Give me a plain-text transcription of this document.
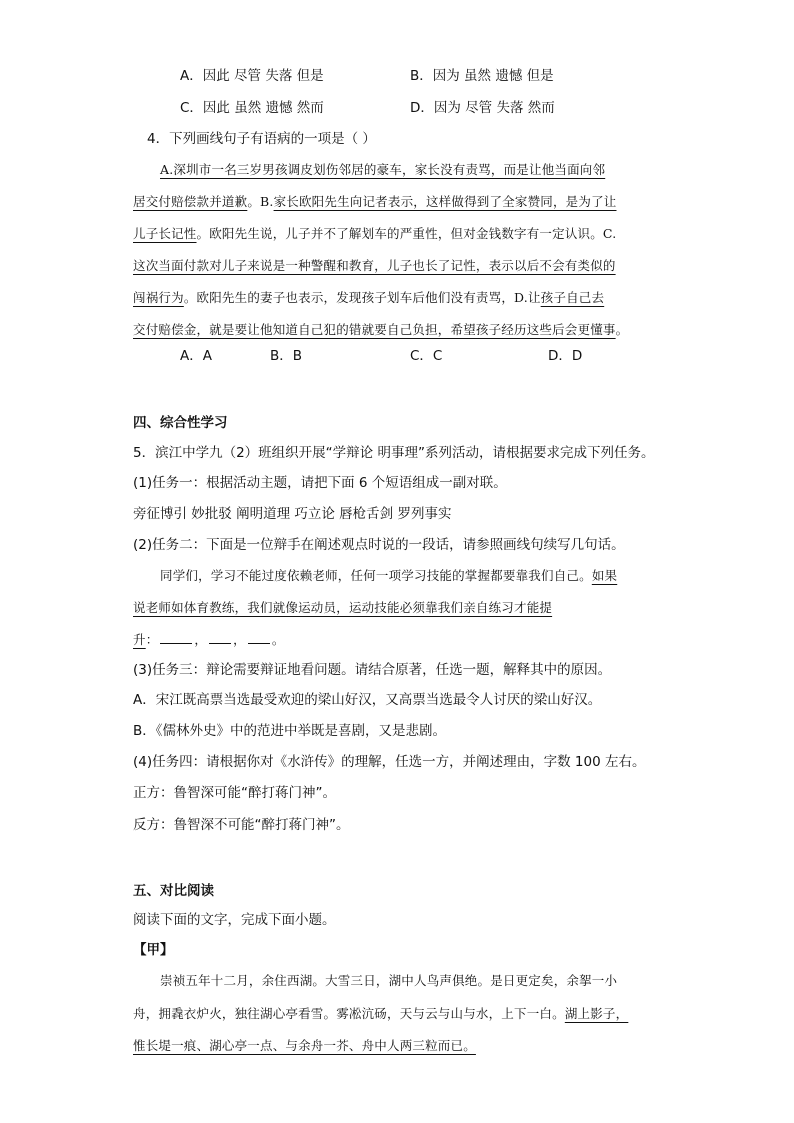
A．因此 尽管 失落 但是	B．因为 虽然 遗憾 但是
C．因此 虽然 遗憾 然而	D．因为 尽管 失落 然而
4．下列画线句子有语病的一项是（ ）
A.深圳市一名三岁男孩调皮划伤邻居的豪车，家长没有责骂，而是让他当面向邻
居交付赔偿款并道歉。B.家长欧阳先生向记者表示，这样做得到了全家赞同，是为了让
儿子长记性。欧阳先生说，儿子并不了解划车的严重性，但对金钱数字有一定认识。C.
这次当面付款对儿子来说是一种警醒和教育，儿子也长了记性，表示以后不会有类似的
闯祸行为。欧阳先生的妻子也表示，发现孩子划车后他们没有责骂，D.让孩子自己去
交付赔偿金，就是要让他知道自己犯的错就要自己负担，希望孩子经历这些后会更懂事。
A．A	B．B	C．C	D．D
四、综合性学习
5．滨江中学九（2）班组织开展“学辩论 明事理”系列活动，请根据要求完成下列任务。
(1)任务一：根据活动主题，请把下面 6 个短语组成一副对联。
旁征博引 妙批驳 阐明道理 巧立论 唇枪舌剑 罗列事实
(2)任务二：下面是一位辩手在阐述观点时说的一段话，请参照画线句续写几句话。
同学们，学习不能过度依赖老师，任何一项学习技能的掌握都要靠我们自己。如果
说老师如体育教练，我们就像运动员，运动技能必须靠我们亲自练习才能提
升：	， ， 。
(3)任务三：辩论需要辩证地看问题。请结合原著，任选一题，解释其中的原因。
A．宋江既高票当选最受欢迎的梁山好汉，又高票当选最令人讨厌的梁山好汉。
B．《儒林外史》中的范进中举既是喜剧，又是悲剧。
(4)任务四：请根据你对《水浒传》的理解，任选一方，并阐述理由，字数 100 左右。
正方：鲁智深可能“醉打蒋门神”。
反方：鲁智深不可能“醉打蒋门神”。
五、对比阅读
阅读下面的文字，完成下面小题。
【甲】
崇祯五年十二月，余住西湖。大雪三日，湖中人鸟声俱绝。是日更定矣，余挐一小
舟，拥毳衣炉火，独往湖心亭看雪。雾凇沆砀，天与云与山与水，上下一白。湖上影子，
惟长堤一痕、湖心亭一点、与余舟一芥、舟中人两三粒而已。
